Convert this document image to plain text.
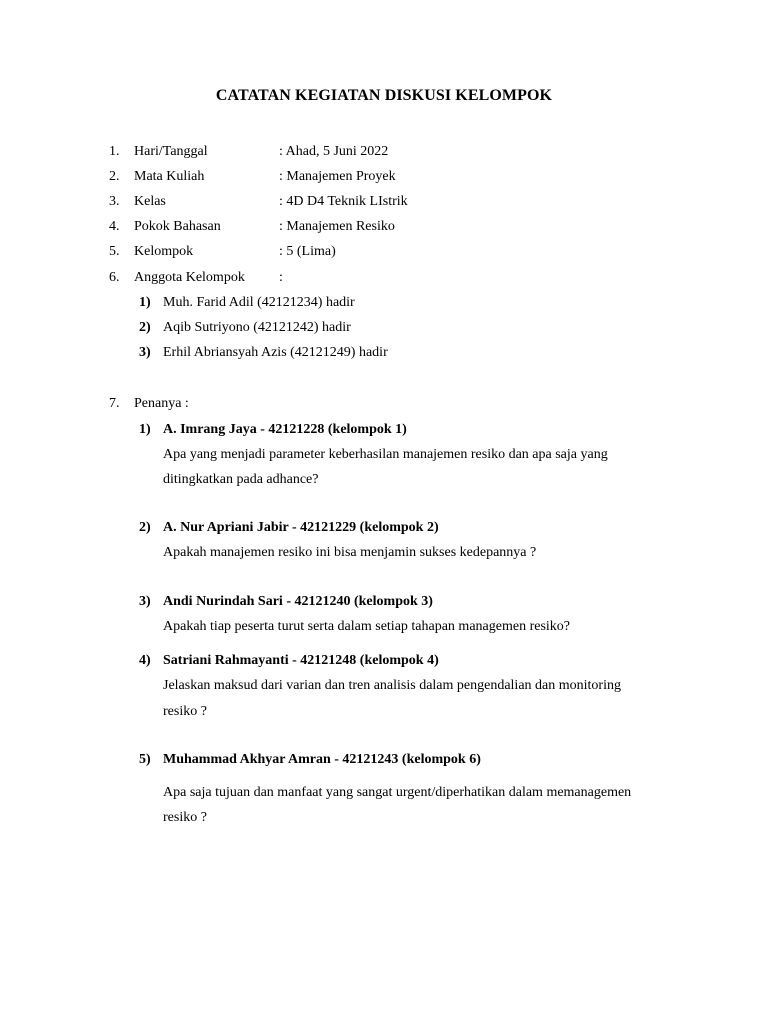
CATATAN KEGIATAN DISKUSI KELOMPOK
1. Hari/Tanggal	: Ahad, 5 Juni 2022
2. Mata Kuliah	: Manajemen Proyek
3. Kelas	: 4D D4 Teknik LIstrik
4. Pokok Bahasan	: Manajemen Resiko
5. Kelompok	: 5 (Lima)
6. Anggota Kelompok :
1) Muh. Farid Adil (42121234) hadir
2) Aqib Sutriyono (42121242) hadir
3) Erhil Abriansyah Azis (42121249) hadir
7. Penanya :
1) A. Imrang Jaya - 42121228 (kelompok 1)
Apa yang menjadi parameter keberhasilan manajemen resiko dan apa saja yang
ditingkatkan pada adhance?
2) A. Nur Apriani Jabir - 42121229 (kelompok 2)
Apakah manajemen resiko ini bisa menjamin sukses kedepannya ?
3) Andi Nurindah Sari - 42121240 (kelompok 3)
Apakah tiap peserta turut serta dalam setiap tahapan managemen resiko?
4) Satriani Rahmayanti - 42121248 (kelompok 4)
Jelaskan maksud dari varian dan tren analisis dalam pengendalian dan monitoring
resiko ?
5) Muhammad Akhyar Amran - 42121243 (kelompok 6)
Apa saja tujuan dan manfaat yang sangat urgent/diperhatikan dalam memanagemen
resiko ?
